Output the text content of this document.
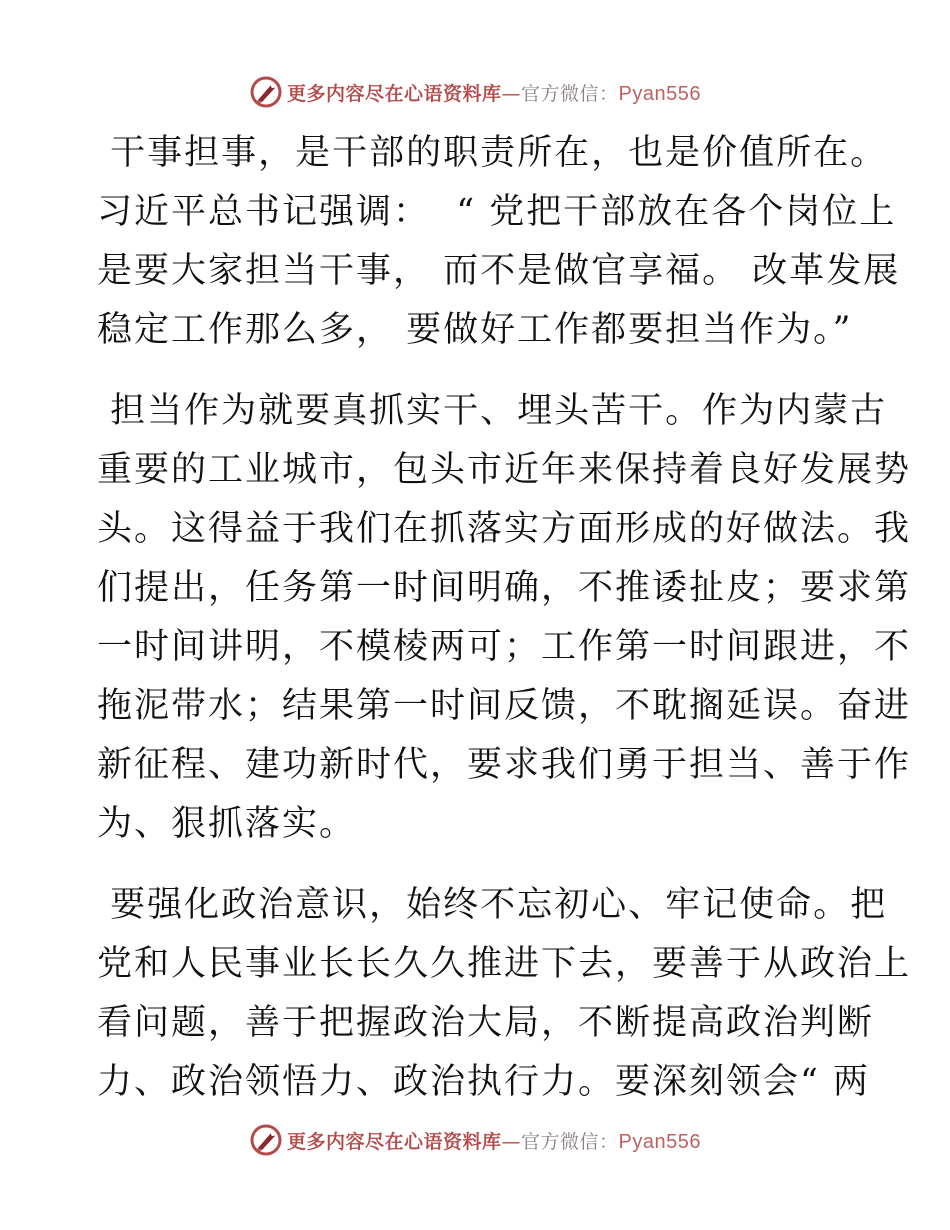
更多内容尽在心语资料库—官方微信：Pyan556
干事担事，是干部的职责所在，也是价值所在。
习近平总书记强调：  “ 党把干部放在各个岗位上
是要大家担当干事， 而不是做官享福。 改革发展
稳定工作那么多， 要做好工作都要担当作为。”
担当作为就要真抓实干、埋头苦干。作为内蒙古
重要的工业城市，包头市近年来保持着良好发展势
头。这得益于我们在抓落实方面形成的好做法。我
们提出，任务第一时间明确，不推诿扯皮；要求第
一时间讲明，不模棱两可；工作第一时间跟进，不
拖泥带水；结果第一时间反馈，不耽搁延误。奋进
新征程、建功新时代，要求我们勇于担当、善于作
为、狠抓落实。
要强化政治意识，始终不忘初心、牢记使命。把
党和人民事业长长久久推进下去，要善于从政治上
看问题，善于把握政治大局，不断提高政治判断
力、政治领悟力、政治执行力。要深刻领会“ 两
更多内容尽在心语资料库—官方微信：Pyan556
